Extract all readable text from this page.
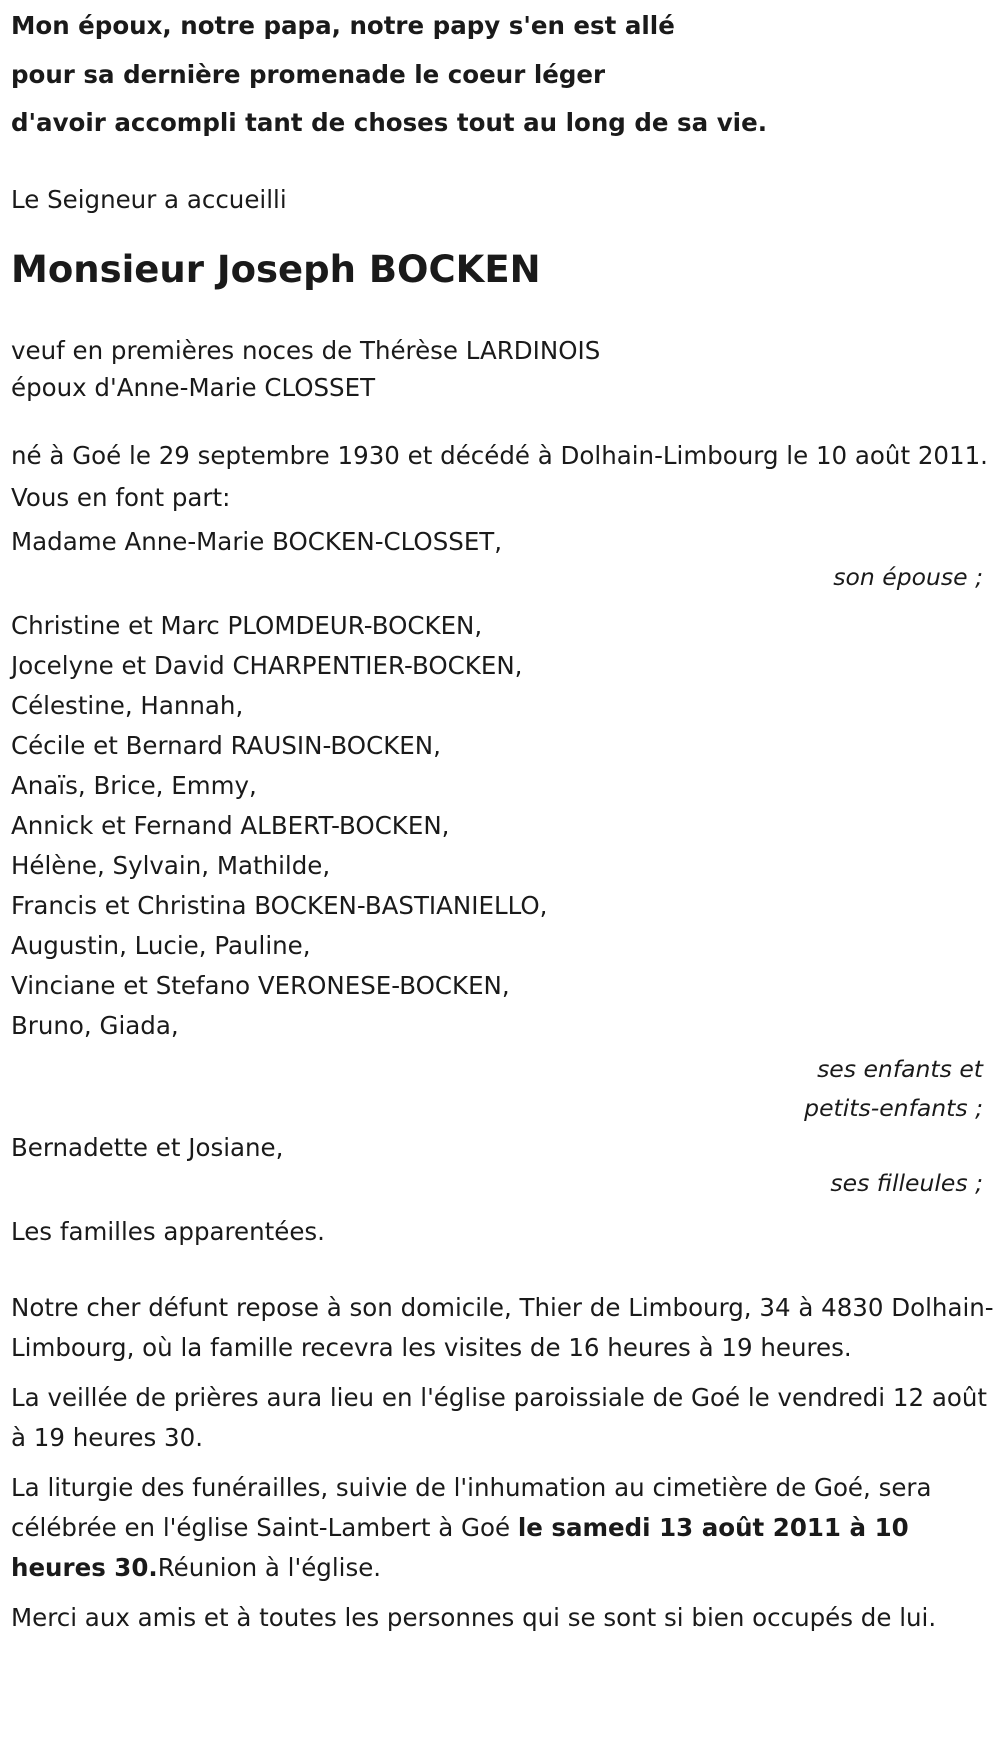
Mon époux, notre papa, notre papy s'en est allé

pour sa dernière promenade le coeur léger

d'avoir accompli tant de choses tout au long de sa vie.

Le Seigneur a accueilli

Monsieur Joseph BOCKEN

veuf en premières noces de Thérèse LARDINOIS

époux d'Anne-Marie CLOSSET

né à Goé le 29 septembre 1930 et décédé à Dolhain-Limbourg le 10 août 2011.

Vous en font part:

Madame Anne-Marie BOCKEN-CLOSSET,

son épouse ;

Christine et Marc PLOMDEUR-BOCKEN,

Jocelyne et David CHARPENTIER-BOCKEN,

Célestine, Hannah,

Cécile et Bernard RAUSIN-BOCKEN,

Anaïs, Brice, Emmy,

Annick et Fernand ALBERT-BOCKEN,

Hélène, Sylvain, Mathilde,

Francis et Christina BOCKEN-BASTIANIELLO,

Augustin, Lucie, Pauline,

Vinciane et Stefano VERONESE-BOCKEN,

Bruno, Giada,

ses enfants et
petits-enfants ;

Bernadette et Josiane,

ses filleules ;

Les familles apparentées.

Notre cher défunt repose à son domicile, Thier de Limbourg, 34 à 4830 Dolhain-Limbourg, où la famille recevra les visites de 16 heures à 19 heures.

La veillée de prières aura lieu en l'église paroissiale de Goé le vendredi 12 août à 19 heures 30.

La liturgie des funérailles, suivie de l'inhumation au cimetière de Goé, sera célébrée en l'église Saint-Lambert à Goé le samedi 13 août 2011 à 10 heures 30.Réunion à l'église.

Merci aux amis et à toutes les personnes qui se sont si bien occupés de lui.
